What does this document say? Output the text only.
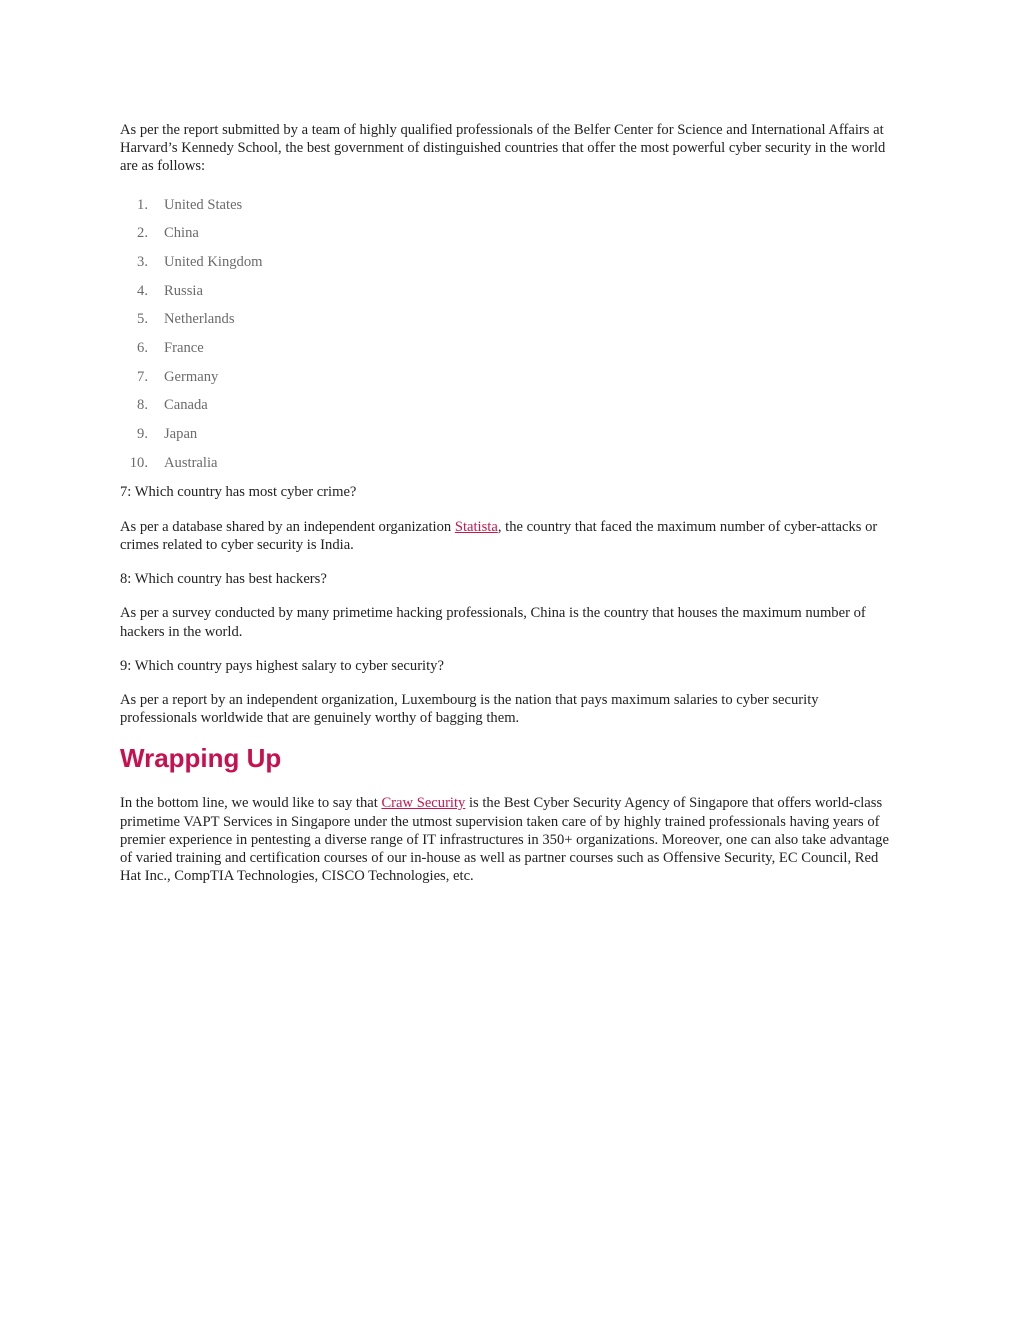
As per the report submitted by a team of highly qualified professionals of the Belfer Center for Science and International Affairs at Harvard’s Kennedy School, the best government of distinguished countries that offer the most powerful cyber security in the world are as follows:

1.	United States
2.	China
3.	United Kingdom
4.	Russia
5.	Netherlands
6.	France
7.	Germany
8.	Canada
9.	Japan
10.	Australia

7: Which country has most cyber crime?

As per a database shared by an independent organization Statista, the country that faced the maximum number of cyber-attacks or crimes related to cyber security is India.

8: Which country has best hackers?

As per a survey conducted by many primetime hacking professionals, China is the country that houses the maximum number of hackers in the world.

9: Which country pays highest salary to cyber security?

As per a report by an independent organization, Luxembourg is the nation that pays maximum salaries to cyber security professionals worldwide that are genuinely worthy of bagging them.

Wrapping Up

In the bottom line, we would like to say that Craw Security is the Best Cyber Security Agency of Singapore that offers world-class primetime VAPT Services in Singapore under the utmost supervision taken care of by highly trained professionals having years of premier experience in pentesting a diverse range of IT infrastructures in 350+ organizations. Moreover, one can also take advantage of varied training and certification courses of our in-house as well as partner courses such as Offensive Security, EC Council, Red Hat Inc., CompTIA Technologies, CISCO Technologies, etc.
